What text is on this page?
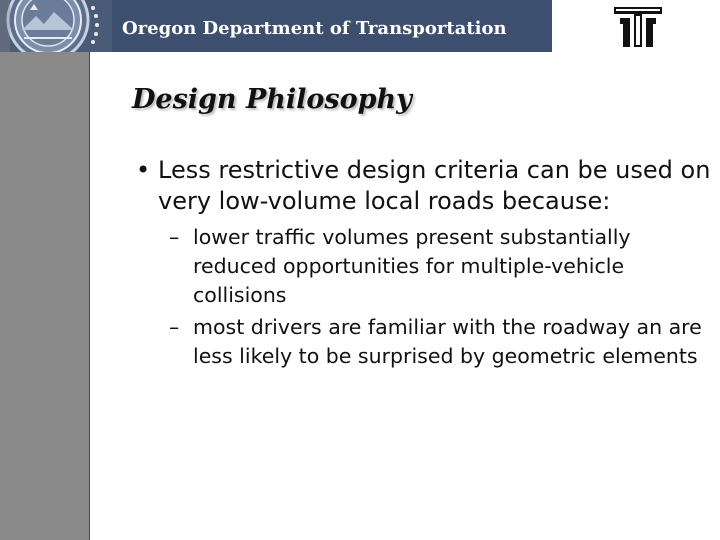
Oregon Department of Transportation
Design Philosophy
• Less restrictive design criteria can be used on very low-volume local roads because:
– lower traffic volumes present substantially reduced opportunities for multiple-vehicle collisions
– most drivers are familiar with the roadway an are less likely to be surprised by geometric elements
